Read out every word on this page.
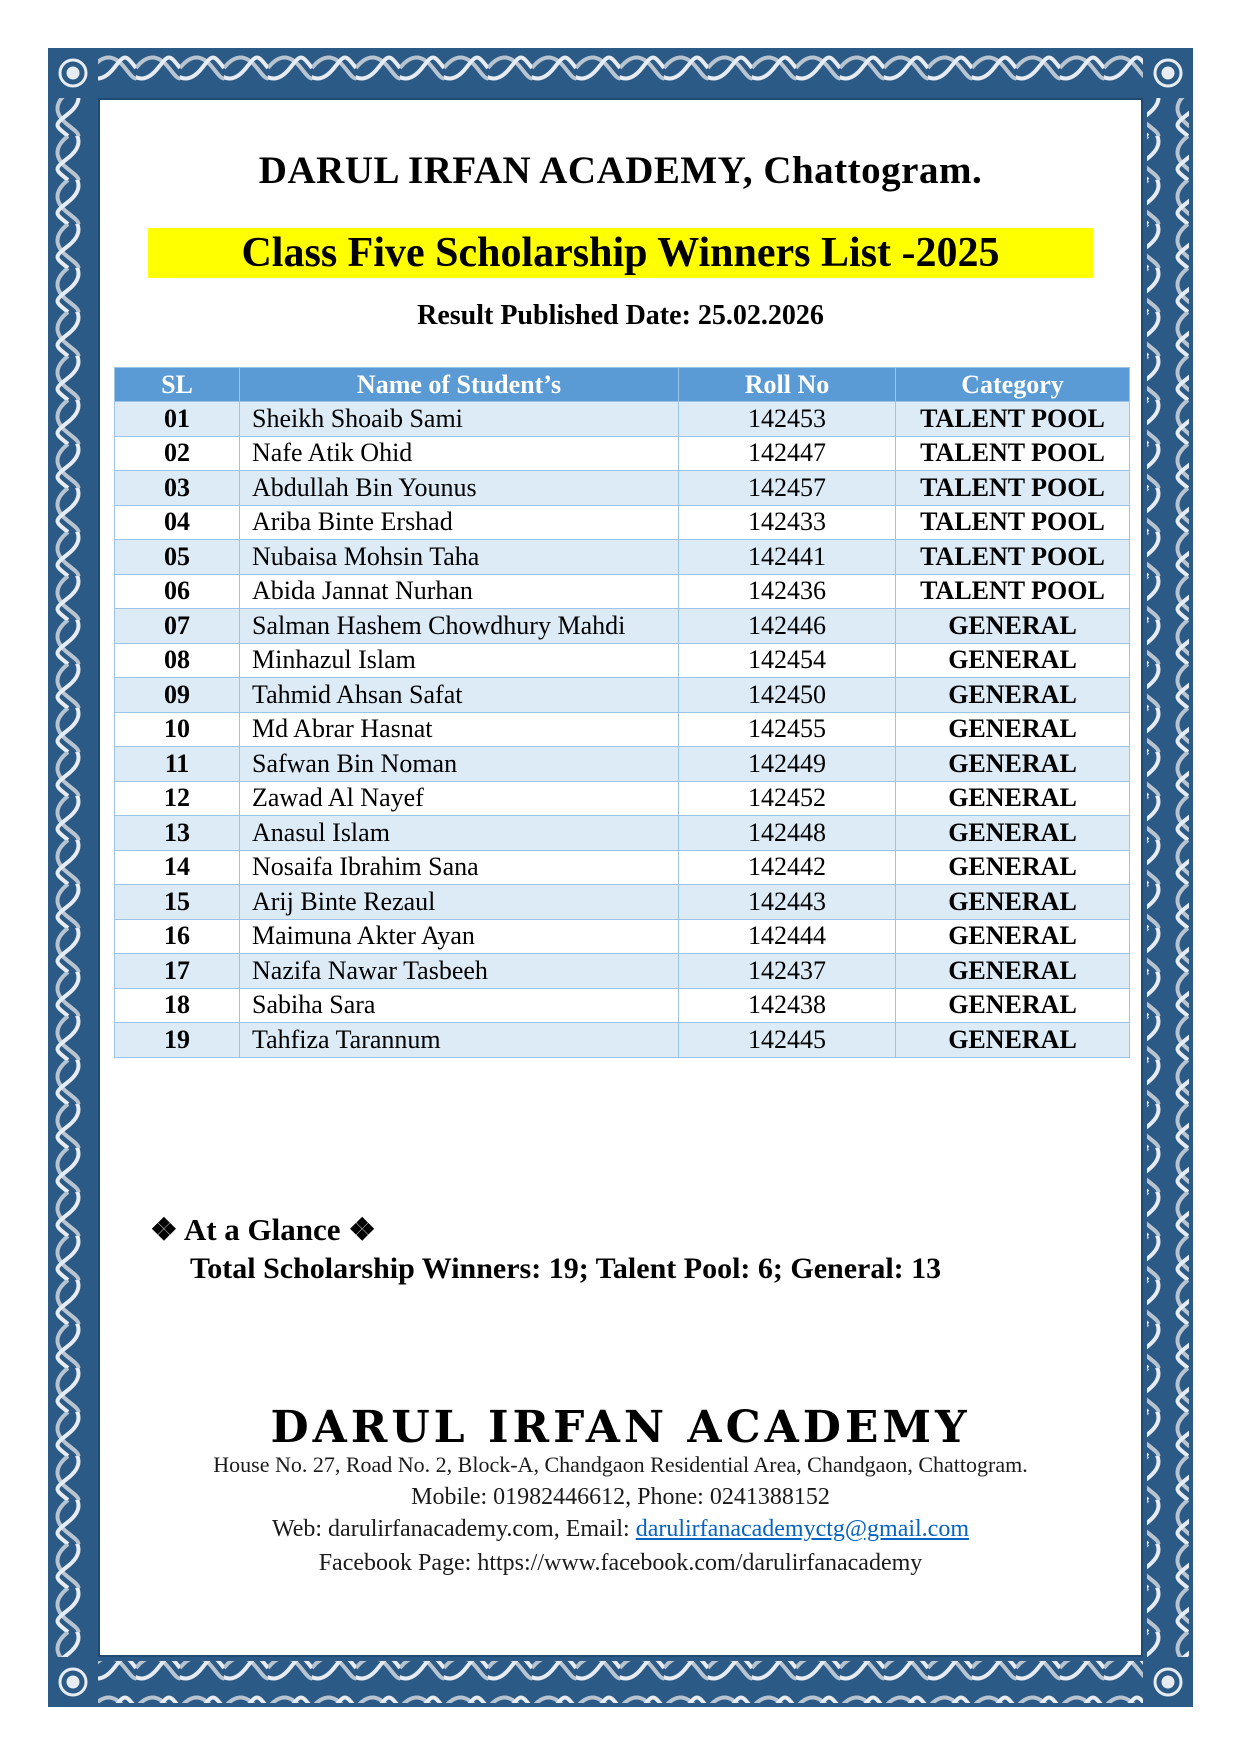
DARUL IRFAN ACADEMY, Chattogram.
Class Five Scholarship Winners List -2025
Result Published Date: 25.02.2026
SL	Name of Student’s	Roll No	Category
01	Sheikh Shoaib Sami	142453	TALENT POOL
02	Nafe Atik Ohid	142447	TALENT POOL
03	Abdullah Bin Younus	142457	TALENT POOL
04	Ariba Binte Ershad	142433	TALENT POOL
05	Nubaisa Mohsin Taha	142441	TALENT POOL
06	Abida Jannat Nurhan	142436	TALENT POOL
07	Salman Hashem Chowdhury Mahdi	142446	GENERAL
08	Minhazul Islam	142454	GENERAL
09	Tahmid Ahsan Safat	142450	GENERAL
10	Md Abrar Hasnat	142455	GENERAL
11	Safwan Bin Noman	142449	GENERAL
12	Zawad Al Nayef	142452	GENERAL
13	Anasul Islam	142448	GENERAL
14	Nosaifa Ibrahim Sana	142442	GENERAL
15	Arij Binte Rezaul	142443	GENERAL
16	Maimuna Akter Ayan	142444	GENERAL
17	Nazifa Nawar Tasbeeh	142437	GENERAL
18	Sabiha Sara	142438	GENERAL
19	Tahfiza Tarannum	142445	GENERAL
❖ At a Glance ❖
Total Scholarship Winners: 19; Talent Pool: 6; General: 13
DARUL IRFAN ACADEMY
House No. 27, Road No. 2, Block-A, Chandgaon Residential Area, Chandgaon, Chattogram.
Mobile: 01982446612, Phone: 0241388152
Web: darulirfanacademy.com, Email: darulirfanacademyctg@gmail.com
Facebook Page: https://www.facebook.com/darulirfanacademy
